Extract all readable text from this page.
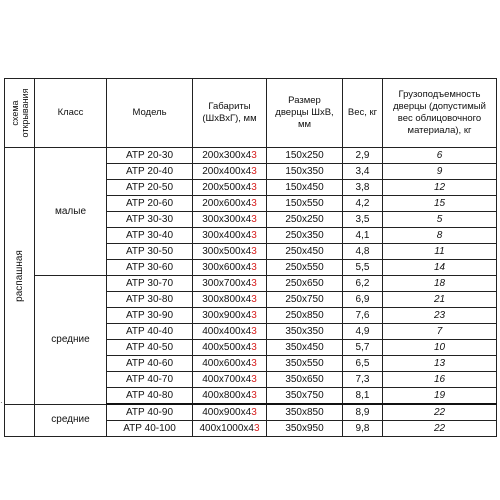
схема открывания	Класс	Модель	Габариты (ШхВхГ), мм	Размер дверцы ШхВ, мм	Вес, кг	Грузоподъемность дверцы (допустимый вес облицовочного материала), кг

распашная	малые	АТР 20-30	200x300x43	150x250	2,9	6
		АТР 20-40	200x400x43	150x350	3,4	9
		АТР 20-50	200x500x43	150x450	3,8	12
		АТР 20-60	200x600x43	150x550	4,2	15
		АТР 30-30	300x300x43	250x250	3,5	5
		АТР 30-40	300x400x43	250x350	4,1	8
		АТР 30-50	300x500x43	250x450	4,8	11
		АТР 30-60	300x600x43	250x550	5,5	14
	средние	АТР 30-70	300x700x43	250x650	6,2	18
		АТР 30-80	300x800x43	250x750	6,9	21
		АТР 30-90	300x900x43	250x850	7,6	23
		АТР 40-40	400x400x43	350x350	4,9	7
		АТР 40-50	400x500x43	350x450	5,7	10
		АТР 40-60	400x600x43	350x550	6,5	13
		АТР 40-70	400x700x43	350x650	7,3	16
		АТР 40-80	400x800x43	350x750	8,1	19
	средние	АТР 40-90	400x900x43	350x850	8,9	22
		АТР 40-100	400x1000x43	350x950	9,8	22
·
